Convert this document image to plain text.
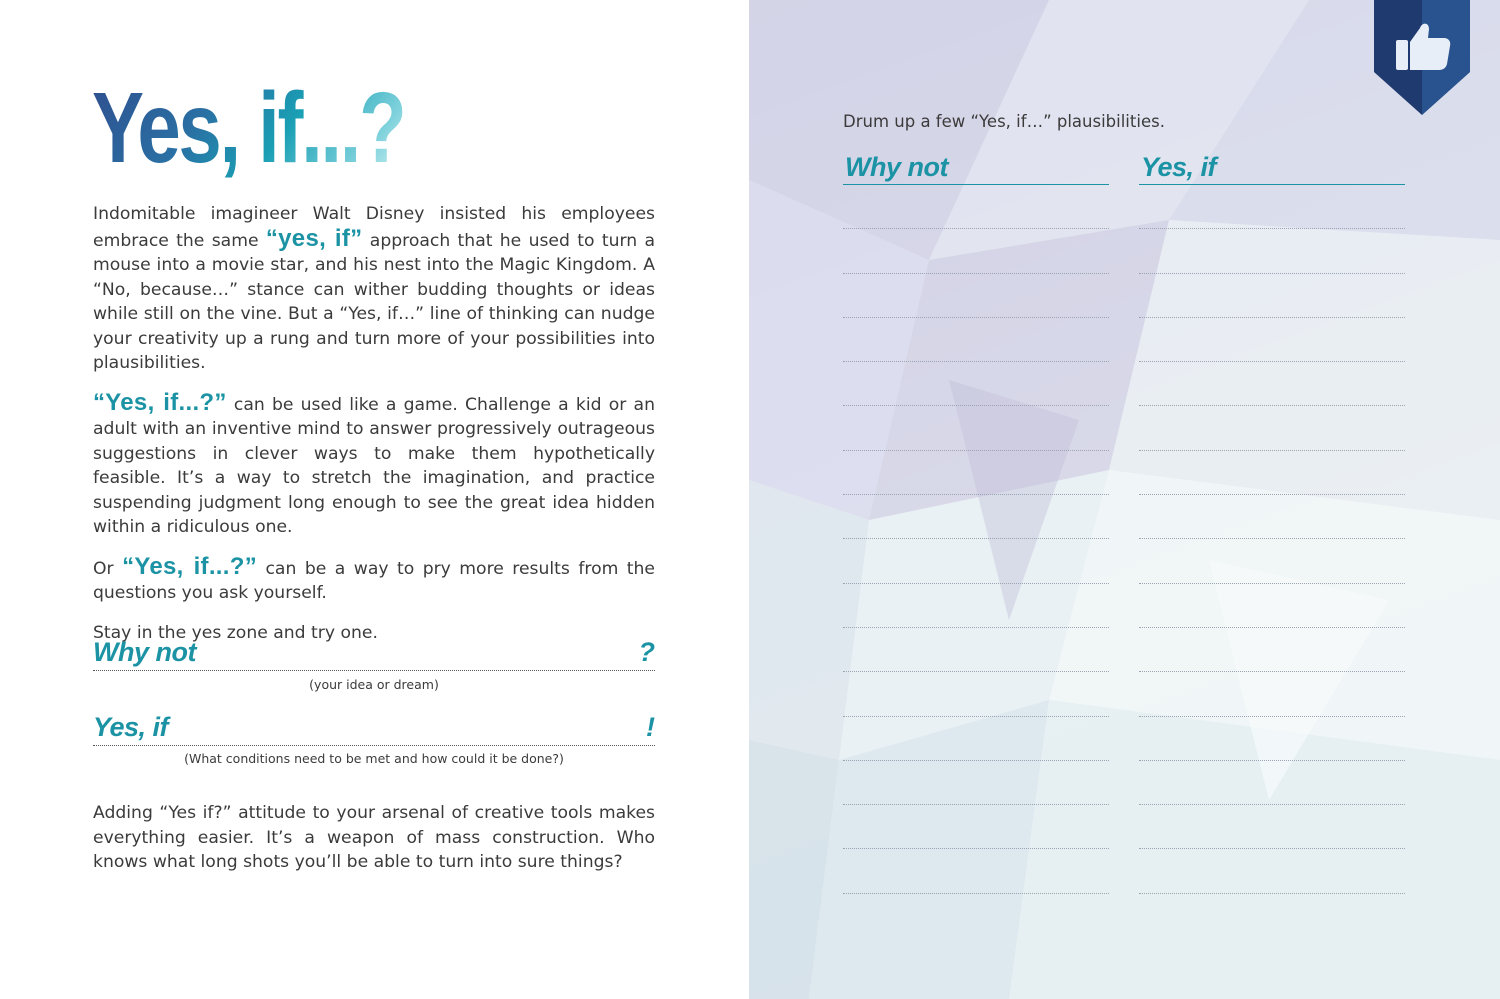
Yes, if...?

Indomitable imagineer Walt Disney insisted his employees embrace the same “yes, if” approach that he used to turn a mouse into a movie star, and his nest into the Magic Kingdom. A “No, because…” stance can wither budding thoughts or ideas while still on the vine. But a “Yes, if…” line of thinking can nudge your creativity up a rung and turn more of your possibilities into plausibilities.

“Yes, if...?” can be used like a game. Challenge a kid or an adult with an inventive mind to answer progressively outrageous suggestions in clever ways to make them hypothetically feasible. It’s a way to stretch the imagination, and practice suspending judgment long enough to see the great idea hidden within a ridiculous one.

Or “Yes, if...?” can be a way to pry more results from the questions you ask yourself.

Stay in the yes zone and try one.

Why not	?
(your idea or dream)
Yes, if	!
(What conditions need to be met and how could it be done?)

Adding “Yes if?” attitude to your arsenal of creative tools makes everything easier. It’s a weapon of mass construction. Who knows what long shots you’ll be able to turn into sure things?

Drum up a few “Yes, if…” plausibilities.
Why not	Yes, if
